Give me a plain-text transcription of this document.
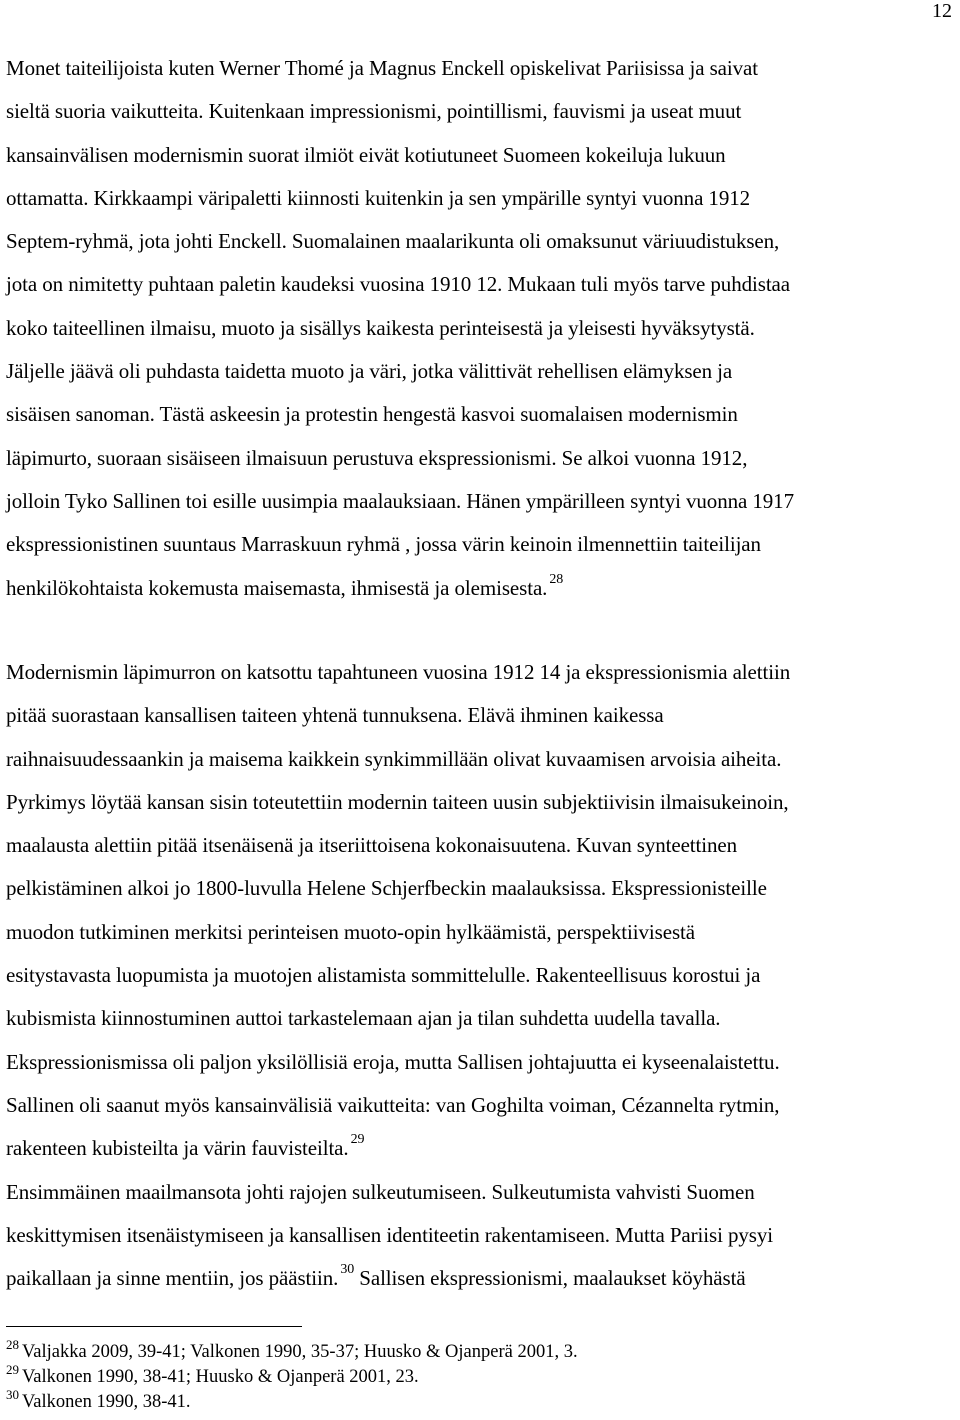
12
Monet taiteilijoista kuten Werner Thomé ja Magnus Enckell opiskelivat Pariisissa ja saivat
sieltä suoria vaikutteita. Kuitenkaan impressionismi, pointillismi, fauvismi ja useat muut
kansainvälisen modernismin suorat ilmiöt eivät kotiutuneet Suomeen kokeiluja lukuun
ottamatta. Kirkkaampi väripaletti kiinnosti kuitenkin ja sen ympärille syntyi vuonna 1912
Septem-ryhmä, jota johti Enckell. Suomalainen maalarikunta oli omaksunut väriuudistuksen,
jota on nimitetty puhtaan paletin kaudeksi vuosina 1910 12. Mukaan tuli myös tarve puhdistaa
koko taiteellinen ilmaisu, muoto ja sisällys kaikesta perinteisestä ja yleisesti hyväksytystä.
Jäljelle jäävä oli puhdasta taidetta muoto ja väri, jotka välittivät rehellisen elämyksen ja
sisäisen sanoman. Tästä askeesin ja protestin hengestä kasvoi suomalaisen modernismin
läpimurto, suoraan sisäiseen ilmaisuun perustuva ekspressionismi. Se alkoi vuonna 1912,
jolloin Tyko Sallinen toi esille uusimpia maalauksiaan. Hänen ympärilleen syntyi vuonna 1917
ekspressionistinen suuntaus Marraskuun ryhmä , jossa värin keinoin ilmennettiin taiteilijan
henkilökohtaista kokemusta maisemasta, ihmisestä ja olemisesta. $^{28}$
Modernismin läpimurron on katsottu tapahtuneen vuosina 1912 14 ja ekspressionismia alettiin
pitää suorastaan kansallisen taiteen yhtenä tunnuksena. Elävä ihminen kaikessa
raihnaisuudessaankin ja maisema kaikkein synkimmillään olivat kuvaamisen arvoisia aiheita.
Pyrkimys löytää kansan sisin toteutettiin modernin taiteen uusin subjektiivisin ilmaisukeinoin,
maalausta alettiin pitää itsenäisenä ja itseriittoisena kokonaisuutena. Kuvan synteettinen
pelkistäminen alkoi jo 1800-luvulla Helene Schjerfbeckin maalauksissa. Ekspressionisteille
muodon tutkiminen merkitsi perinteisen muoto-opin hylkäämistä, perspektiivisestä
esitystavasta luopumista ja muotojen alistamista sommittelulle. Rakenteellisuus korostui ja
kubismista kiinnostuminen auttoi tarkastelemaan ajan ja tilan suhdetta uudella tavalla.
Ekspressionismissa oli paljon yksilöllisiä eroja, mutta Sallisen johtajuutta ei kyseenalaistettu.
Sallinen oli saanut myös kansainvälisiä vaikutteita: van Goghilta voiman, Cézannelta rytmin,
rakenteen kubisteilta ja värin fauvisteilta. $^{29}$
Ensimmäinen maailmansota johti rajojen sulkeutumiseen. Sulkeutumista vahvisti Suomen
keskittymisen itsenäistymiseen ja kansallisen identiteetin rakentamiseen. Mutta Pariisi pysyi
paikallaan ja sinne mentiin, jos päästiin. $^{30}$ Sallisen ekspressionismi, maalaukset köyhästä
$^{28}$ Valjakka 2009, 39-41; Valkonen 1990, 35-37; Huusko & Ojanperä 2001, 3.
$^{29}$ Valkonen 1990, 38-41; Huusko & Ojanperä 2001, 23.
$^{30}$ Valkonen 1990, 38-41.
